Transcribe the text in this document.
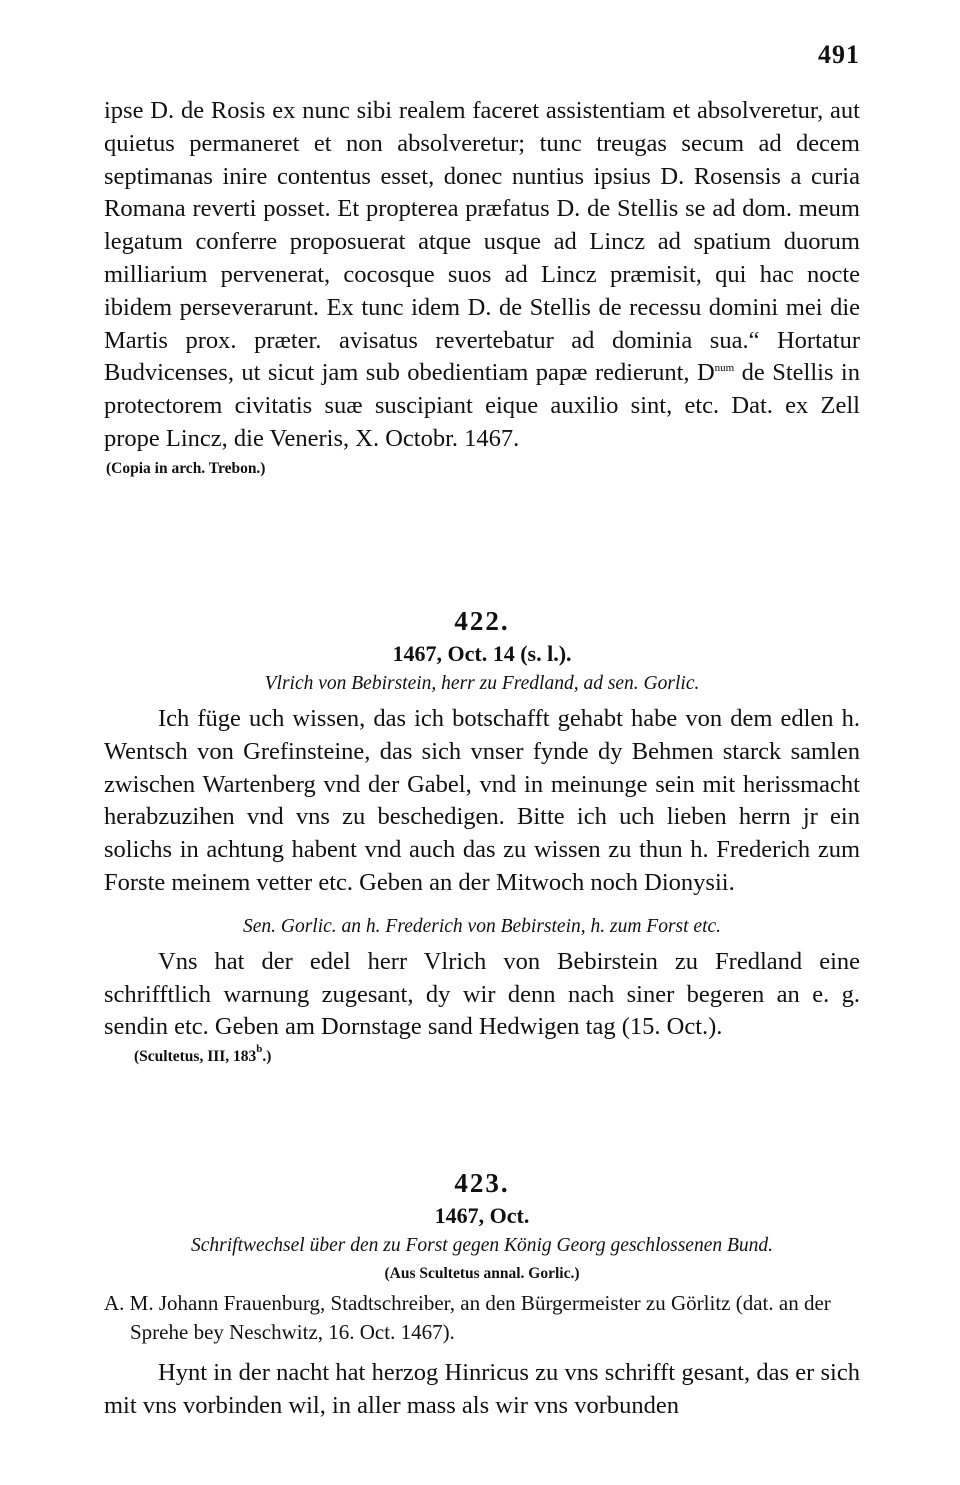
491

ipse D. de Rosis ex nunc sibi realem faceret assistentiam et absolveretur, aut quietus permaneret et non absolveretur; tunc treugas secum ad decem septimanas inire contentus esset, donec nuntius ipsius D. Rosensis a curia Romana reverti posset. Et propterea præfatus D. de Stellis se ad dom. meum legatum conferre proposuerat atque usque ad Lincz ad spatium duorum milliarium pervenerat, cocosque suos ad Lincz præmisit, qui hac nocte ibidem perseverarunt. Ex tunc idem D. de Stellis de recessu domini mei die Martis prox. præter. avisatus revertebatur ad dominia sua.“ Hortatur Budvicenses, ut sicut jam sub obedientiam papæ redierunt, $D^{num}$ de Stellis in protectorem civitatis suæ suscipiant eique auxilio sint, etc. Dat. ex Zell prope Lincz, die Veneris, X. Octobr. 1467.

(Copia in arch. Trebon.)

422.

1467, Oct. 14 (s. l.).

Vlrich von Bebirstein, herr zu Fredland, ad sen. Gorlic.

Ich füge uch wissen, das ich botschafft gehabt habe von dem edlen h. Wentsch von Grefinsteine, das sich vnser fynde dy Behmen starck samlen zwischen Wartenberg vnd der Gabel, vnd in meinunge sein mit herissmacht herabzuzihen vnd vns zu beschedigen. Bitte ich uch lieben herrn jr ein solichs in achtung habent vnd auch das zu wissen zu thun h. Frederich zum Forste meinem vetter etc. Geben an der Mitwoch noch Dionysii.

Sen. Gorlic. an h. Frederich von Bebirstein, h. zum Forst etc.

Vns hat der edel herr Vlrich von Bebirstein zu Fredland eine schrifftlich warnung zugesant, dy wir denn nach siner begeren an e. g. sendin etc. Geben am Dornstage sand Hedwigen tag (15. Oct.).

(Scultetus, III, 183$^b$.)

423.

1467, Oct.

Schriftwechsel über den zu Forst gegen König Georg geschlossenen Bund.

(Aus Scultetus annal. Gorlic.)

A. M. Johann Frauenburg, Stadtschreiber, an den Bürgermeister zu Görlitz (dat. an der Sprehe bey Neschwitz, 16. Oct. 1467).

Hynt in der nacht hat herzog Hinricus zu vns schrifft gesant, das er sich mit vns vorbinden wil, in aller mass als wir vns vorbunden
